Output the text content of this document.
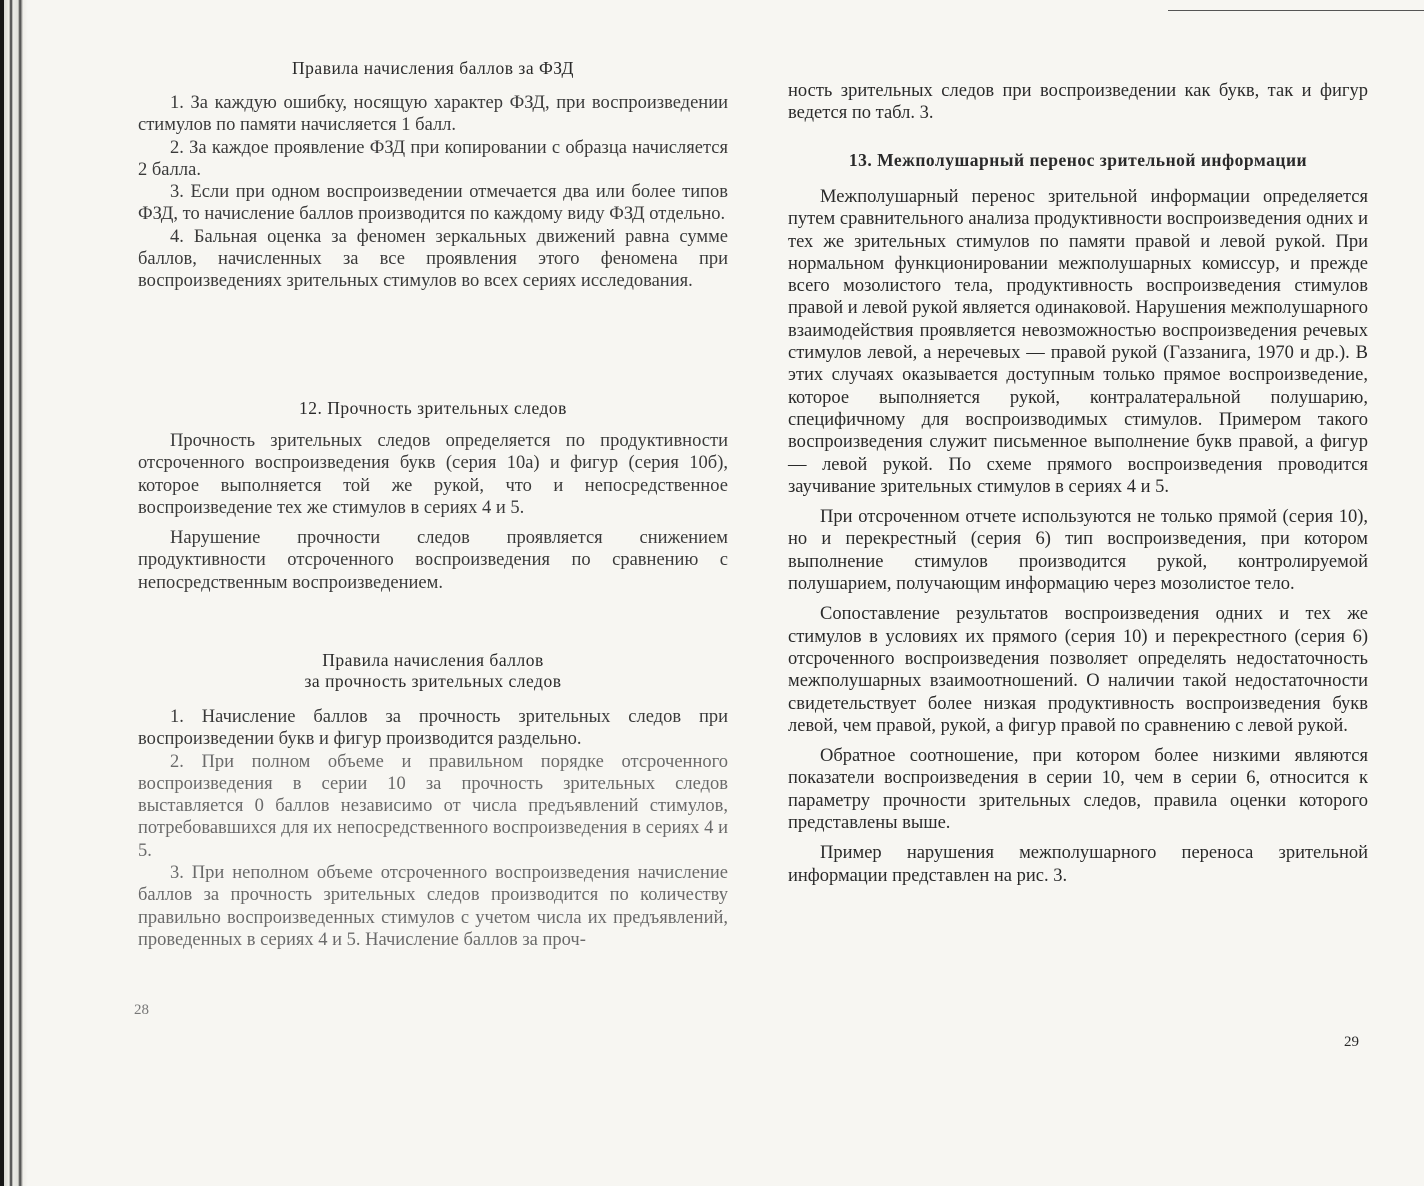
Правила начисления баллов за ФЗД

1. За каждую ошибку, носящую характер ФЗД, при воспроизведении стимулов по памяти начисляется 1 балл.

2. За каждое проявление ФЗД при копировании с образца начисляется 2 балла.

3. Если при одном воспроизведении отмечается два или более типов ФЗД, то начисление баллов производится по каждому виду ФЗД отдельно.

4. Бальная оценка за феномен зеркальных движений равна сумме баллов, начисленных за все проявления этого феномена при воспроизведениях зрительных стимулов во всех сериях исследования.

12. Прочность зрительных следов

Прочность зрительных следов определяется по продуктивности отсроченного воспроизведения букв (серия 10а) и фигур (серия 10б), которое выполняется той же рукой, что и непосредственное воспроизведение тех же стимулов в сериях 4 и 5.

Нарушение прочности следов проявляется снижением продуктивности отсроченного воспроизведения по сравнению с непосредственным воспроизведением.

Правила начисления баллов
за прочность зрительных следов

1. Начисление баллов за прочность зрительных следов при воспроизведении букв и фигур производится раздельно.

2. При полном объеме и правильном порядке отсроченного воспроизведения в серии 10 за прочность зрительных следов выставляется 0 баллов независимо от числа предъявлений стимулов, потребовавшихся для их непосредственного воспроизведения в сериях 4 и 5.

3. При неполном объеме отсроченного воспроизведения начисление баллов за прочность зрительных следов производится по количеству правильно воспроизведенных стимулов с учетом числа их предъявлений, проведенных в сериях 4 и 5. Начисление баллов за проч-

28

ность зрительных следов при воспроизведении как букв, так и фигур ведется по табл. 3.

13. Межполушарный перенос зрительной информации

Межполушарный перенос зрительной информации определяется путем сравнительного анализа продуктивности воспроизведения одних и тех же зрительных стимулов по памяти правой и левой рукой. При нормальном функционировании межполушарных комиссур, и прежде всего мозолистого тела, продуктивность воспроизведения стимулов правой и левой рукой является одинаковой. Нарушения межполушарного взаимодействия проявляется невозможностью воспроизведения речевых стимулов левой, а неречевых — правой рукой (Газзанига, 1970 и др.). В этих случаях оказывается доступным только прямое воспроизведение, которое выполняется рукой, контралатеральной полушарию, специфичному для воспроизводимых стимулов. Примером такого воспроизведения служит письменное выполнение букв правой, а фигур — левой рукой. По схеме прямого воспроизведения проводится заучивание зрительных стимулов в сериях 4 и 5.

При отсроченном отчете используются не только прямой (серия 10), но и перекрестный (серия 6) тип воспроизведения, при котором выполнение стимулов производится рукой, контролируемой полушарием, получающим информацию через мозолистое тело.

Сопоставление результатов воспроизведения одних и тех же стимулов в условиях их прямого (серия 10) и перекрестного (серия 6) отсроченного воспроизведения позволяет определять недостаточность межполушарных взаимоотношений. О наличии такой недостаточности свидетельствует более низкая продуктивность воспроизведения букв левой, чем правой, рукой, а фигур правой по сравнению с левой рукой.

Обратное соотношение, при котором более низкими являются показатели воспроизведения в серии 10, чем в серии 6, относится к параметру прочности зрительных следов, правила оценки которого представлены выше.

Пример нарушения межполушарного переноса зрительной информации представлен на рис. 3.

29
